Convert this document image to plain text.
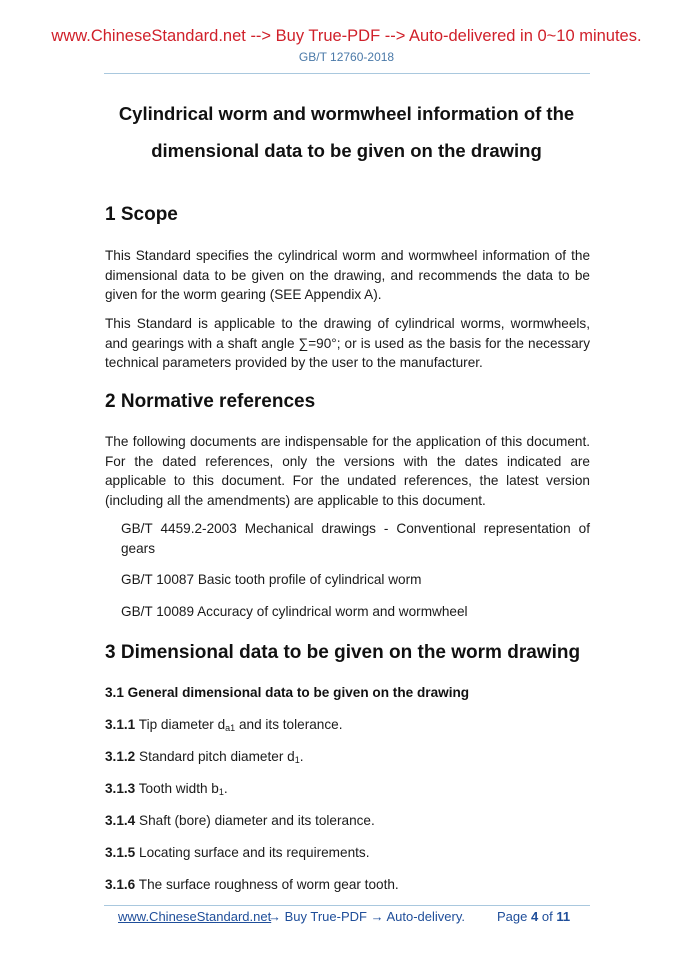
www.ChineseStandard.net --> Buy True-PDF --> Auto-delivered in 0~10 minutes.
GB/T 12760-2018
Cylindrical worm and wormwheel information of the
dimensional data to be given on the drawing
1 Scope
This Standard specifies the cylindrical worm and wormwheel information of the dimensional data to be given on the drawing, and recommends the data to be given for the worm gearing (SEE Appendix A).
This Standard is applicable to the drawing of cylindrical worms, wormwheels, and gearings with a shaft angle ∑=90°; or is used as the basis for the necessary technical parameters provided by the user to the manufacturer.
2 Normative references
The following documents are indispensable for the application of this document. For the dated references, only the versions with the dates indicated are applicable to this document. For the undated references, the latest version (including all the amendments) are applicable to this document.
GB/T 4459.2-2003 Mechanical drawings - Conventional representation of gears
GB/T 10087 Basic tooth profile of cylindrical worm
GB/T 10089 Accuracy of cylindrical worm and wormwheel
3 Dimensional data to be given on the worm drawing
3.1 General dimensional data to be given on the drawing
3.1.1 Tip diameter $d_{a1}$ and its tolerance.
3.1.2 Standard pitch diameter $d_1$.
3.1.3 Tooth width $b_1$.
3.1.4 Shaft (bore) diameter and its tolerance.
3.1.5 Locating surface and its requirements.
3.1.6 The surface roughness of worm gear tooth.
www.ChineseStandard.net
→ Buy True-PDF → Auto-delivery. Page 4 of 11
